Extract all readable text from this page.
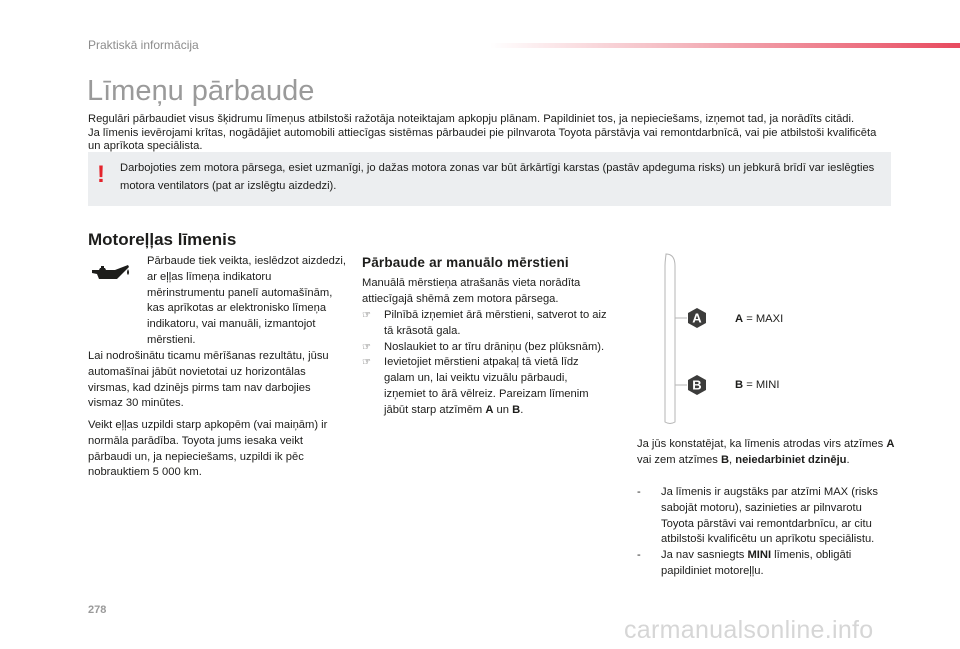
Praktiskā informācija
Līmeņu pārbaude

Regulāri pārbaudiet visus šķidrumu līmeņus atbilstoši ražotāja noteiktajam apkopju plānam. Papildiniet tos, ja nepieciešams, izņemot tad, ja norādīts citādi.

Ja līmenis ievērojami krītas, nogādājiet automobili attiecīgas sistēmas pārbaudei pie pilnvarota Toyota pārstāvja vai remontdarbnīcā, vai pie atbilstoši kvalificēta un aprīkota speciālista.

! Darbojoties zem motora pārsega, esiet uzmanīgi, jo dažas motora zonas var būt ārkārtīgi karstas (pastāv apdeguma risks) un jebkurā brīdī var ieslēgties motora ventilators (pat ar izslēgtu aizdedzi).

Motoreļļas līmenis

Pārbaude tiek veikta, ieslēdzot aizdedzi, ar eļļas līmeņa indikatoru mērinstrumentu panelī automašīnām, kas aprīkotas ar elektronisko līmeņa indikatoru, vai manuāli, izmantojot mērstieni.

Lai nodrošinātu ticamu mērīšanas rezultātu, jūsu automašīnai jābūt novietotai uz horizontālas virsmas, kad dzinējs pirms tam nav darbojies vismaz 30 minūtes.

Veikt eļļas uzpildi starp apkopēm (vai maiņām) ir normāla parādība. Toyota jums iesaka veikt pārbaudi un, ja nepieciešams, uzpildi ik pēc nobrauktiem 5 000 km.

Pārbaude ar manuālo mērstieni

Manuālā mērstieņa atrašanās vieta norādīta attiecīgajā shēmā zem motora pārsega.

☞ Pilnībā izņemiet ārā mērstieni, satverot to aiz tā krāsotā gala.
☞ Noslaukiet to ar tīru drāniņu (bez plūksnām).
☞ Ievietojiet mērstieni atpakaļ tā vietā līdz galam un, lai veiktu vizuālu pārbaudi, izņemiet to ārā vēlreiz. Pareizam līmenim jābūt starp atzīmēm A un B.
A
B
A = MAXI
B = MINI

Ja jūs konstatējat, ka līmenis atrodas virs atzīmes A vai zem atzīmes B, neiedarbiniet dzinēju.

- Ja līmenis ir augstāks par atzīmi MAX (risks sabojāt motoru), sazinieties ar pilnvarotu Toyota pārstāvi vai remontdarbnīcu, ar citu atbilstoši kvalificētu un aprīkotu speciālistu.
- Ja nav sasniegts MINI līmenis, obligāti papildiniet motoreļļu.
278
carmanualsonline.info
